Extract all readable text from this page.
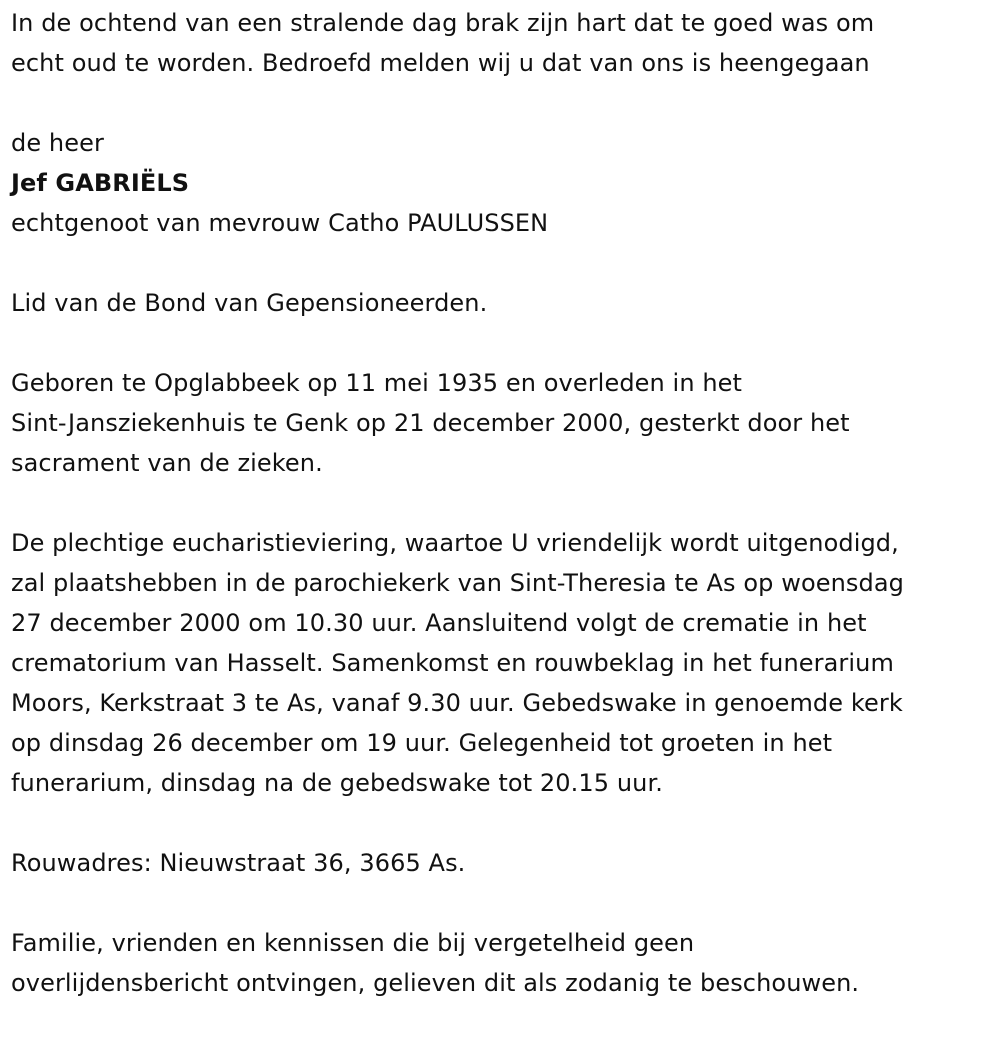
In de ochtend van een stralende dag brak zijn hart dat te goed was om

echt oud te worden. Bedroefd melden wij u dat van ons is heengegaan

de heer

Jef GABRIËLS

echtgenoot van mevrouw Catho PAULUSSEN

Lid van de Bond van Gepensioneerden.

Geboren te Opglabbeek op 11 mei 1935 en overleden in het

Sint-Jansziekenhuis te Genk op 21 december 2000, gesterkt door het

sacrament van de zieken.

De plechtige eucharistieviering, waartoe U vriendelijk wordt uitgenodigd,

zal plaatshebben in de parochiekerk van Sint-Theresia te As op woensdag

27 december 2000 om 10.30 uur. Aansluitend volgt de crematie in het

crematorium van Hasselt. Samenkomst en rouwbeklag in het funerarium

Moors, Kerkstraat 3 te As, vanaf 9.30 uur. Gebedswake in genoemde kerk

op dinsdag 26 december om 19 uur. Gelegenheid tot groeten in het

funerarium, dinsdag na de gebedswake tot 20.15 uur.

Rouwadres: Nieuwstraat 36, 3665 As.

Familie, vrienden en kennissen die bij vergetelheid geen

overlijdensbericht ontvingen, gelieven dit als zodanig te beschouwen.
